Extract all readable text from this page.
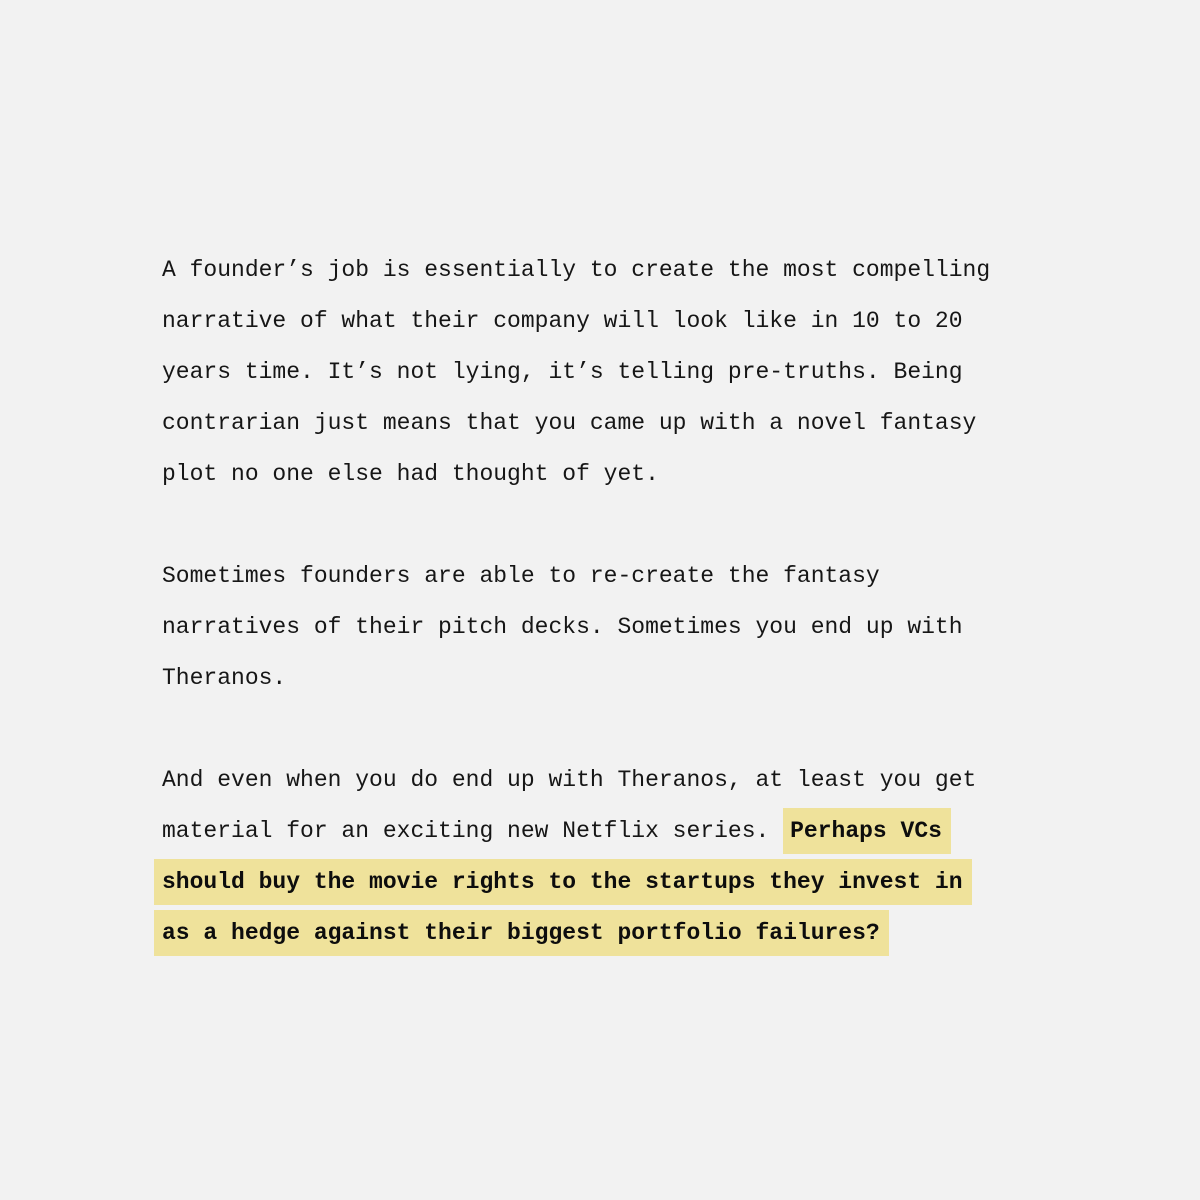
A founder’s job is essentially to create the most compelling
narrative of what their company will look like in 10 to 20
years time. It’s not lying, it’s telling pre-truths. Being
contrarian just means that you came up with a novel fantasy
plot no one else had thought of yet.

Sometimes founders are able to re-create the fantasy
narratives of their pitch decks. Sometimes you end up with
Theranos.

And even when you do end up with Theranos, at least you get
material for an exciting new Netflix series. Perhaps VCs
should buy the movie rights to the startups they invest in
as a hedge against their biggest portfolio failures?
